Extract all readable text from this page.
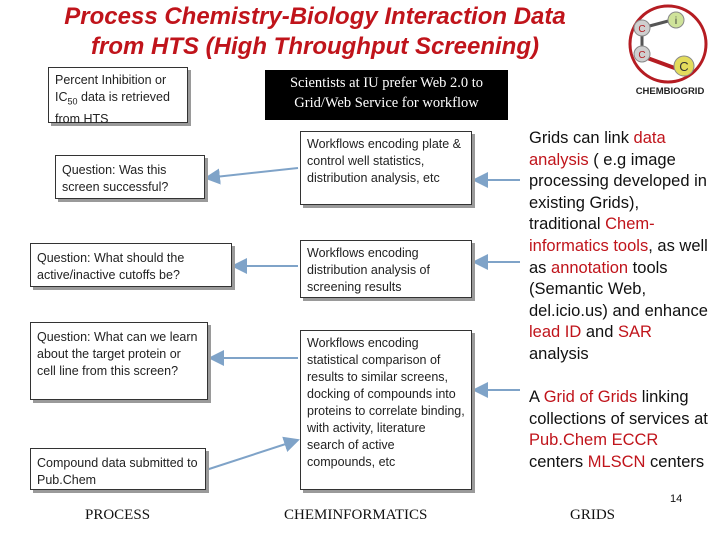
Process Chemistry-Biology Interaction Data
from HTS (High Throughput Screening)
C
i
C
C
CHEMBIOGRID
Scientists at IU prefer Web 2.0 to
Grid/Web Service for workflow
Percent Inhibition or $IC_{50}$ data is retrieved from HTS
Question: Was this screen successful?
Question: What should the active/inactive cutoffs be?
Question: What can we learn about the target protein or cell line from this screen?
Compound data submitted to Pub.Chem
Workflows encoding plate & control well statistics, distribution analysis, etc
Workflows encoding distribution analysis of screening results
Workflows encoding statistical comparison of results to similar screens, docking of compounds into proteins to correlate binding, with activity, literature search of active compounds, etc
Grids can link data analysis ( e.g image processing developed in existing Grids), traditional Chem-informatics tools, as well as annotation tools (Semantic Web, del.icio.us) and enhance lead ID and SAR analysis
A Grid of Grids linking collections of services at Pub.Chem ECCR centers MLSCN centers
PROCESS	CHEMINFORMATICS	GRIDS
14
